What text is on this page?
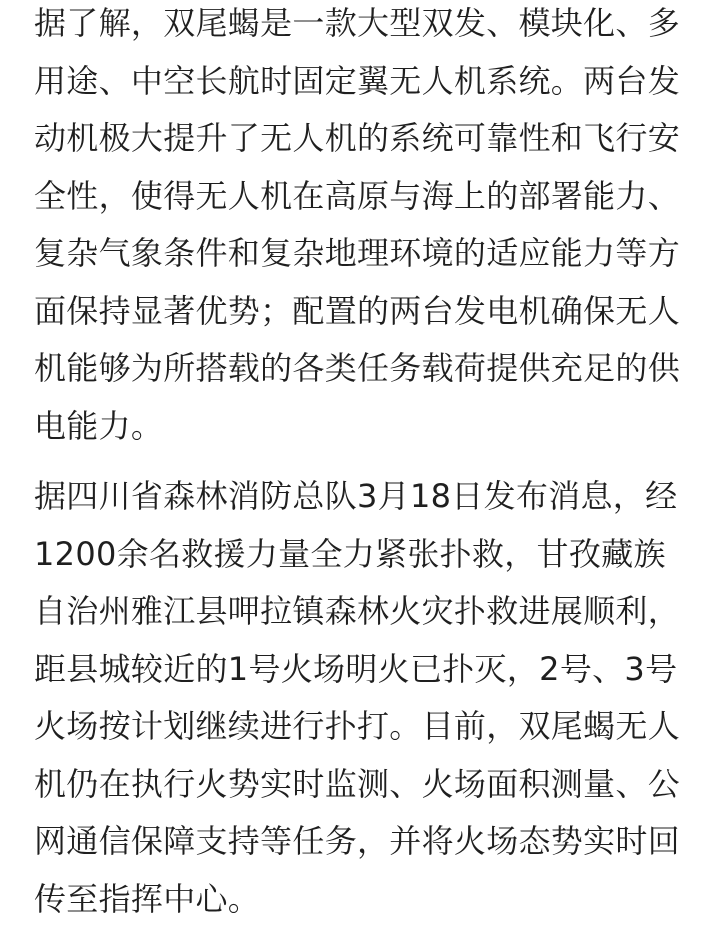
据了解，双尾蝎是一款大型双发、模块化、多
用途、中空长航时固定翼无人机系统。两台发
动机极大提升了无人机的系统可靠性和飞行安
全性，使得无人机在高原与海上的部署能力、
复杂气象条件和复杂地理环境的适应能力等方
面保持显著优势；配置的两台发电机确保无人
机能够为所搭载的各类任务载荷提供充足的供
电能力。
据四川省森林消防总队3月18日发布消息，经
1200余名救援力量全力紧张扑救，甘孜藏族
自治州雅江县呷拉镇森林火灾扑救进展顺利，
距县城较近的1号火场明火已扑灭，2号、3号
火场按计划继续进行扑打。目前，双尾蝎无人
机仍在执行火势实时监测、火场面积测量、公
网通信保障支持等任务，并将火场态势实时回
传至指挥中心。
